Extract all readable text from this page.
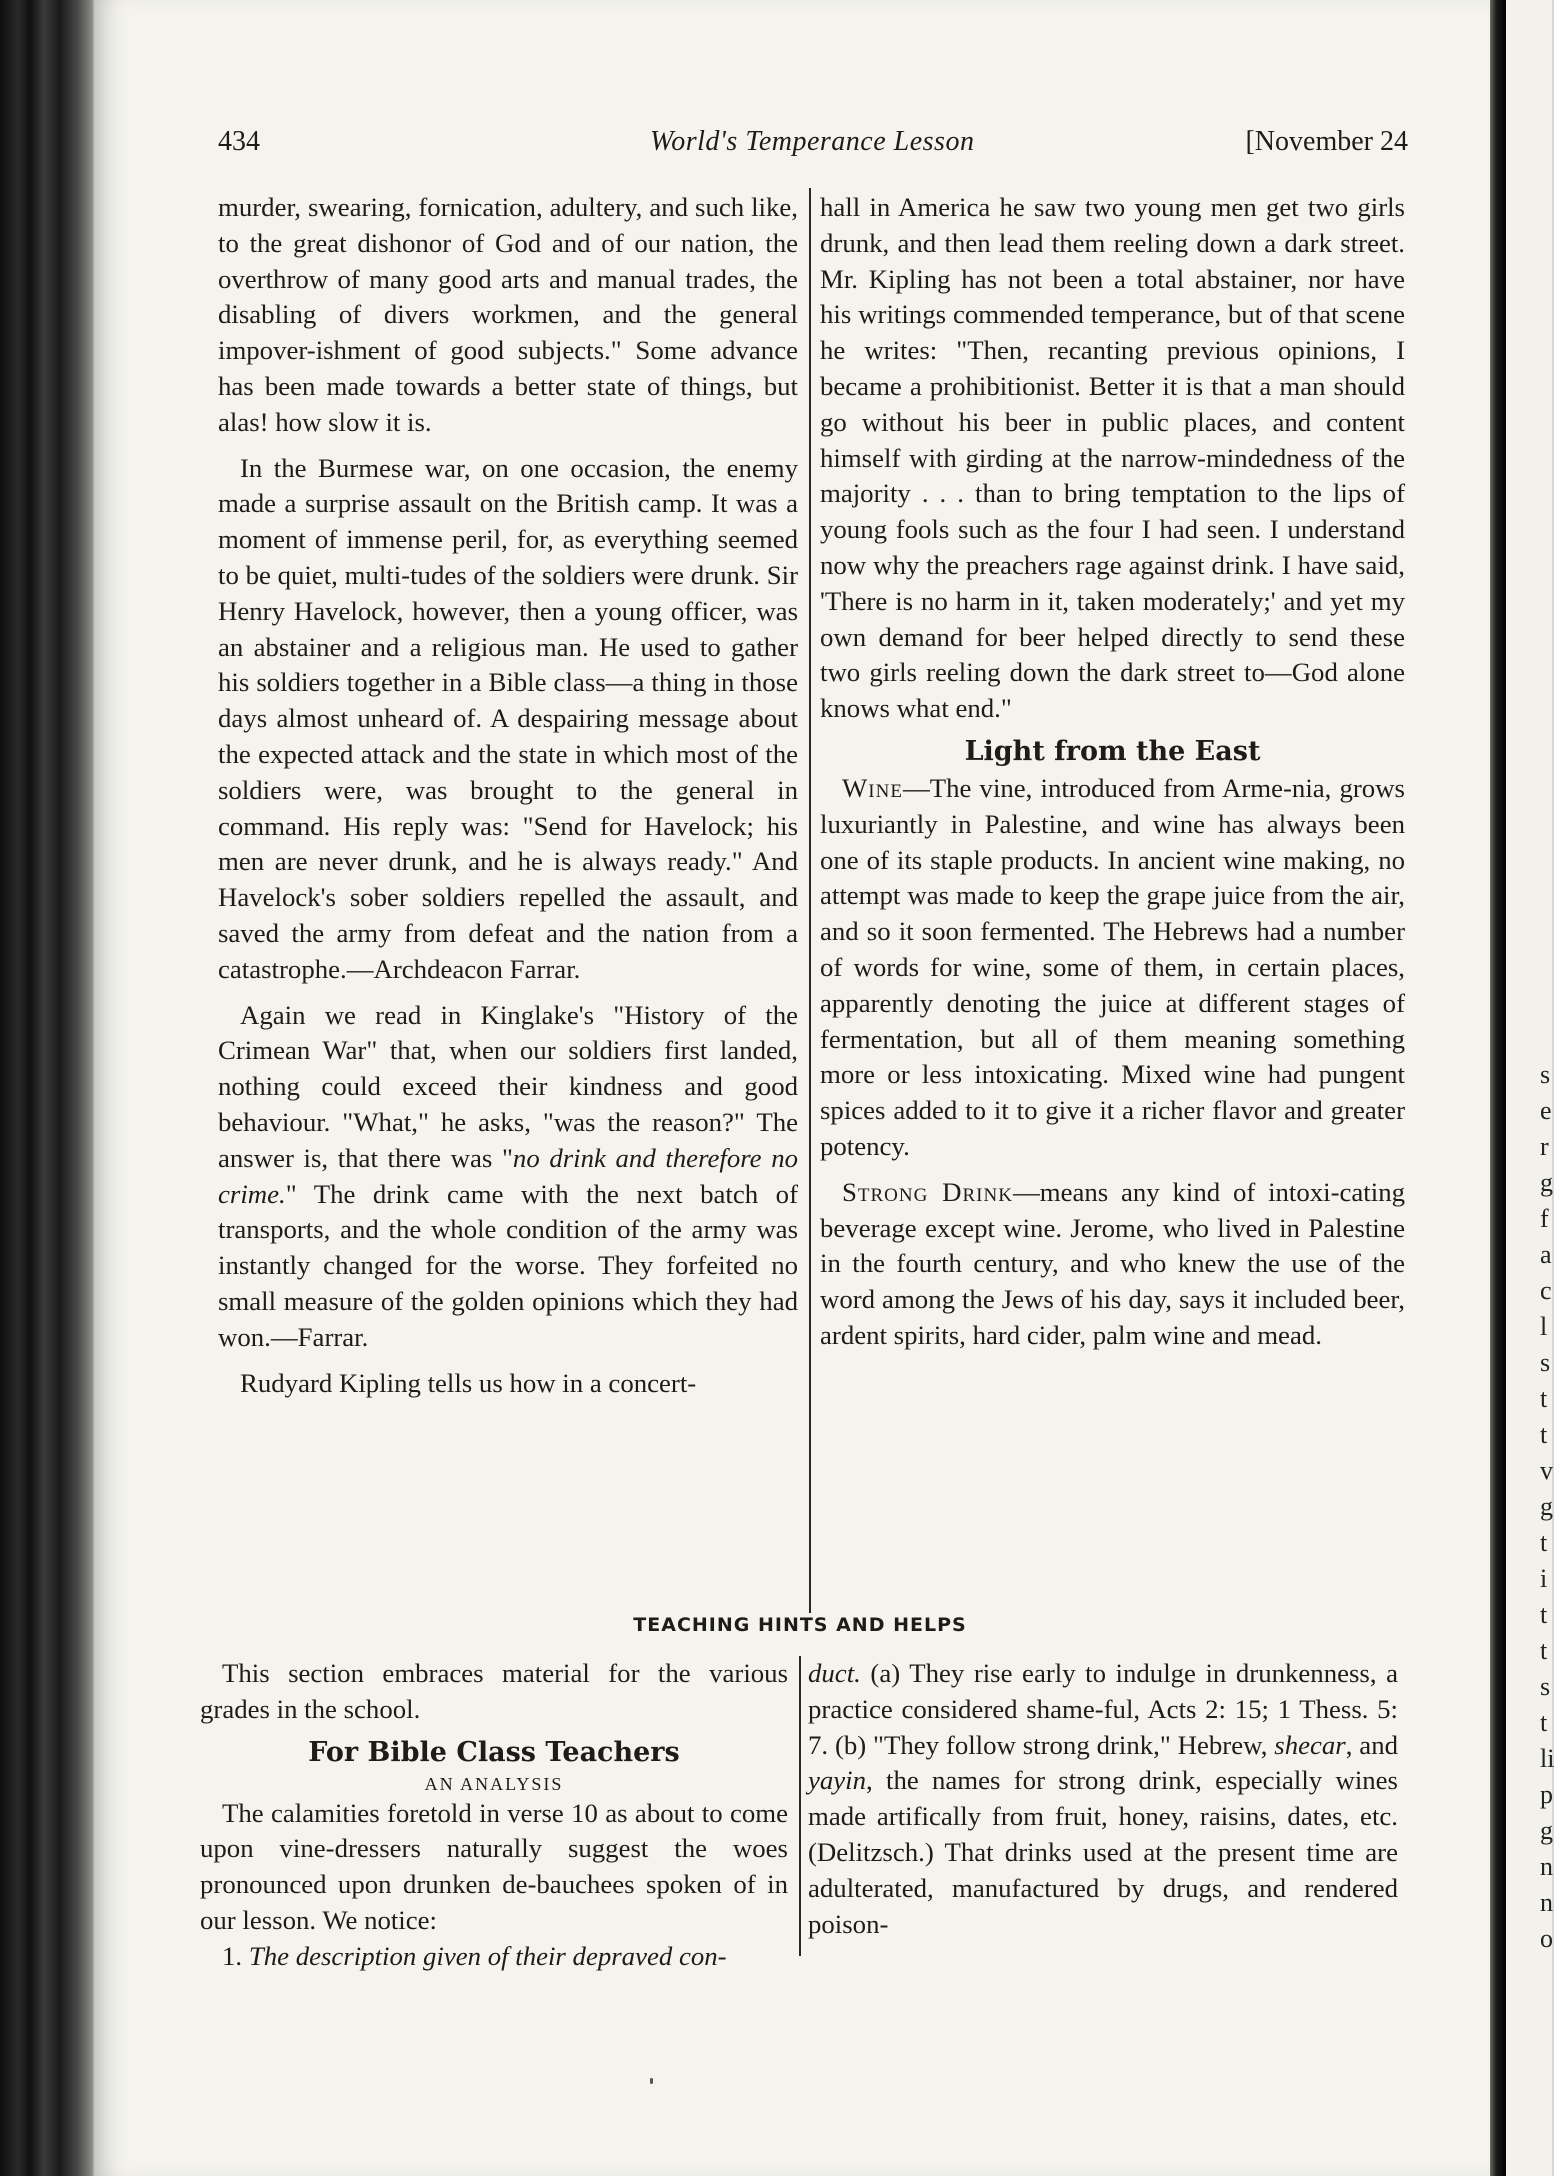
s
e
r
g
f
a
c
l
s
t
t
v
g
t
i
t
t
s
t
li
p
g
n
n
o
434	World's Temperance Lesson	[November 24

murder, swearing, fornication, adultery, and such like, to the great dishonor of God and of our nation, the overthrow of many good arts and manual trades, the disabling of divers workmen, and the general impover-ishment of good subjects." Some advance has been made towards a better state of things, but alas! how slow it is.

In the Burmese war, on one occasion, the enemy made a surprise assault on the British camp. It was a moment of immense peril, for, as everything seemed to be quiet, multi-tudes of the soldiers were drunk. Sir Henry Havelock, however, then a young officer, was an abstainer and a religious man. He used to gather his soldiers together in a Bible class—a thing in those days almost unheard of. A despairing message about the expected attack and the state in which most of the soldiers were, was brought to the general in command. His reply was: "Send for Havelock; his men are never drunk, and he is always ready." And Havelock's sober soldiers repelled the assault, and saved the army from defeat and the nation from a catastrophe.—Archdeacon Farrar.

Again we read in Kinglake's "History of the Crimean War" that, when our soldiers first landed, nothing could exceed their kindness and good behaviour. "What," he asks, "was the reason?" The answer is, that there was "no drink and therefore no crime." The drink came with the next batch of transports, and the whole condition of the army was instantly changed for the worse. They forfeited no small measure of the golden opinions which they had won.—Farrar.

Rudyard Kipling tells us how in a concert-

hall in America he saw two young men get two girls drunk, and then lead them reeling down a dark street. Mr. Kipling has not been a total abstainer, nor have his writings commended temperance, but of that scene he writes: "Then, recanting previous opinions, I became a prohibitionist. Better it is that a man should go without his beer in public places, and content himself with girding at the narrow-mindedness of the majority . . . than to bring temptation to the lips of young fools such as the four I had seen. I understand now why the preachers rage against drink. I have said, 'There is no harm in it, taken moderately;' and yet my own demand for beer helped directly to send these two girls reeling down the dark street to—God alone knows what end."

Light from the East

Wine—The vine, introduced from Arme-nia, grows luxuriantly in Palestine, and wine has always been one of its staple products. In ancient wine making, no attempt was made to keep the grape juice from the air, and so it soon fermented. The Hebrews had a number of words for wine, some of them, in certain places, apparently denoting the juice at different stages of fermentation, but all of them meaning something more or less intoxicating. Mixed wine had pungent spices added to it to give it a richer flavor and greater potency.

Strong Drink—means any kind of intoxi-cating beverage except wine. Jerome, who lived in Palestine in the fourth century, and who knew the use of the word among the Jews of his day, says it included beer, ardent spirits, hard cider, palm wine and mead.

TEACHING HINTS AND HELPS

This section embraces material for the various grades in the school.

For Bible Class Teachers

AN ANALYSIS

The calamities foretold in verse 10 as about to come upon vine-dressers naturally suggest the woes pronounced upon drunken de-bauchees spoken of in our lesson. We notice:

1. The description given of their depraved con-

duct. (a) They rise early to indulge in drunkenness, a practice considered shame-ful, Acts 2: 15; 1 Thess. 5: 7. (b) "They follow strong drink," Hebrew, shecar, and yayin, the names for strong drink, especially wines made artifically from fruit, honey, raisins, dates, etc. (Delitzsch.) That drinks used at the present time are adulterated, manufactured by drugs, and rendered poison-
